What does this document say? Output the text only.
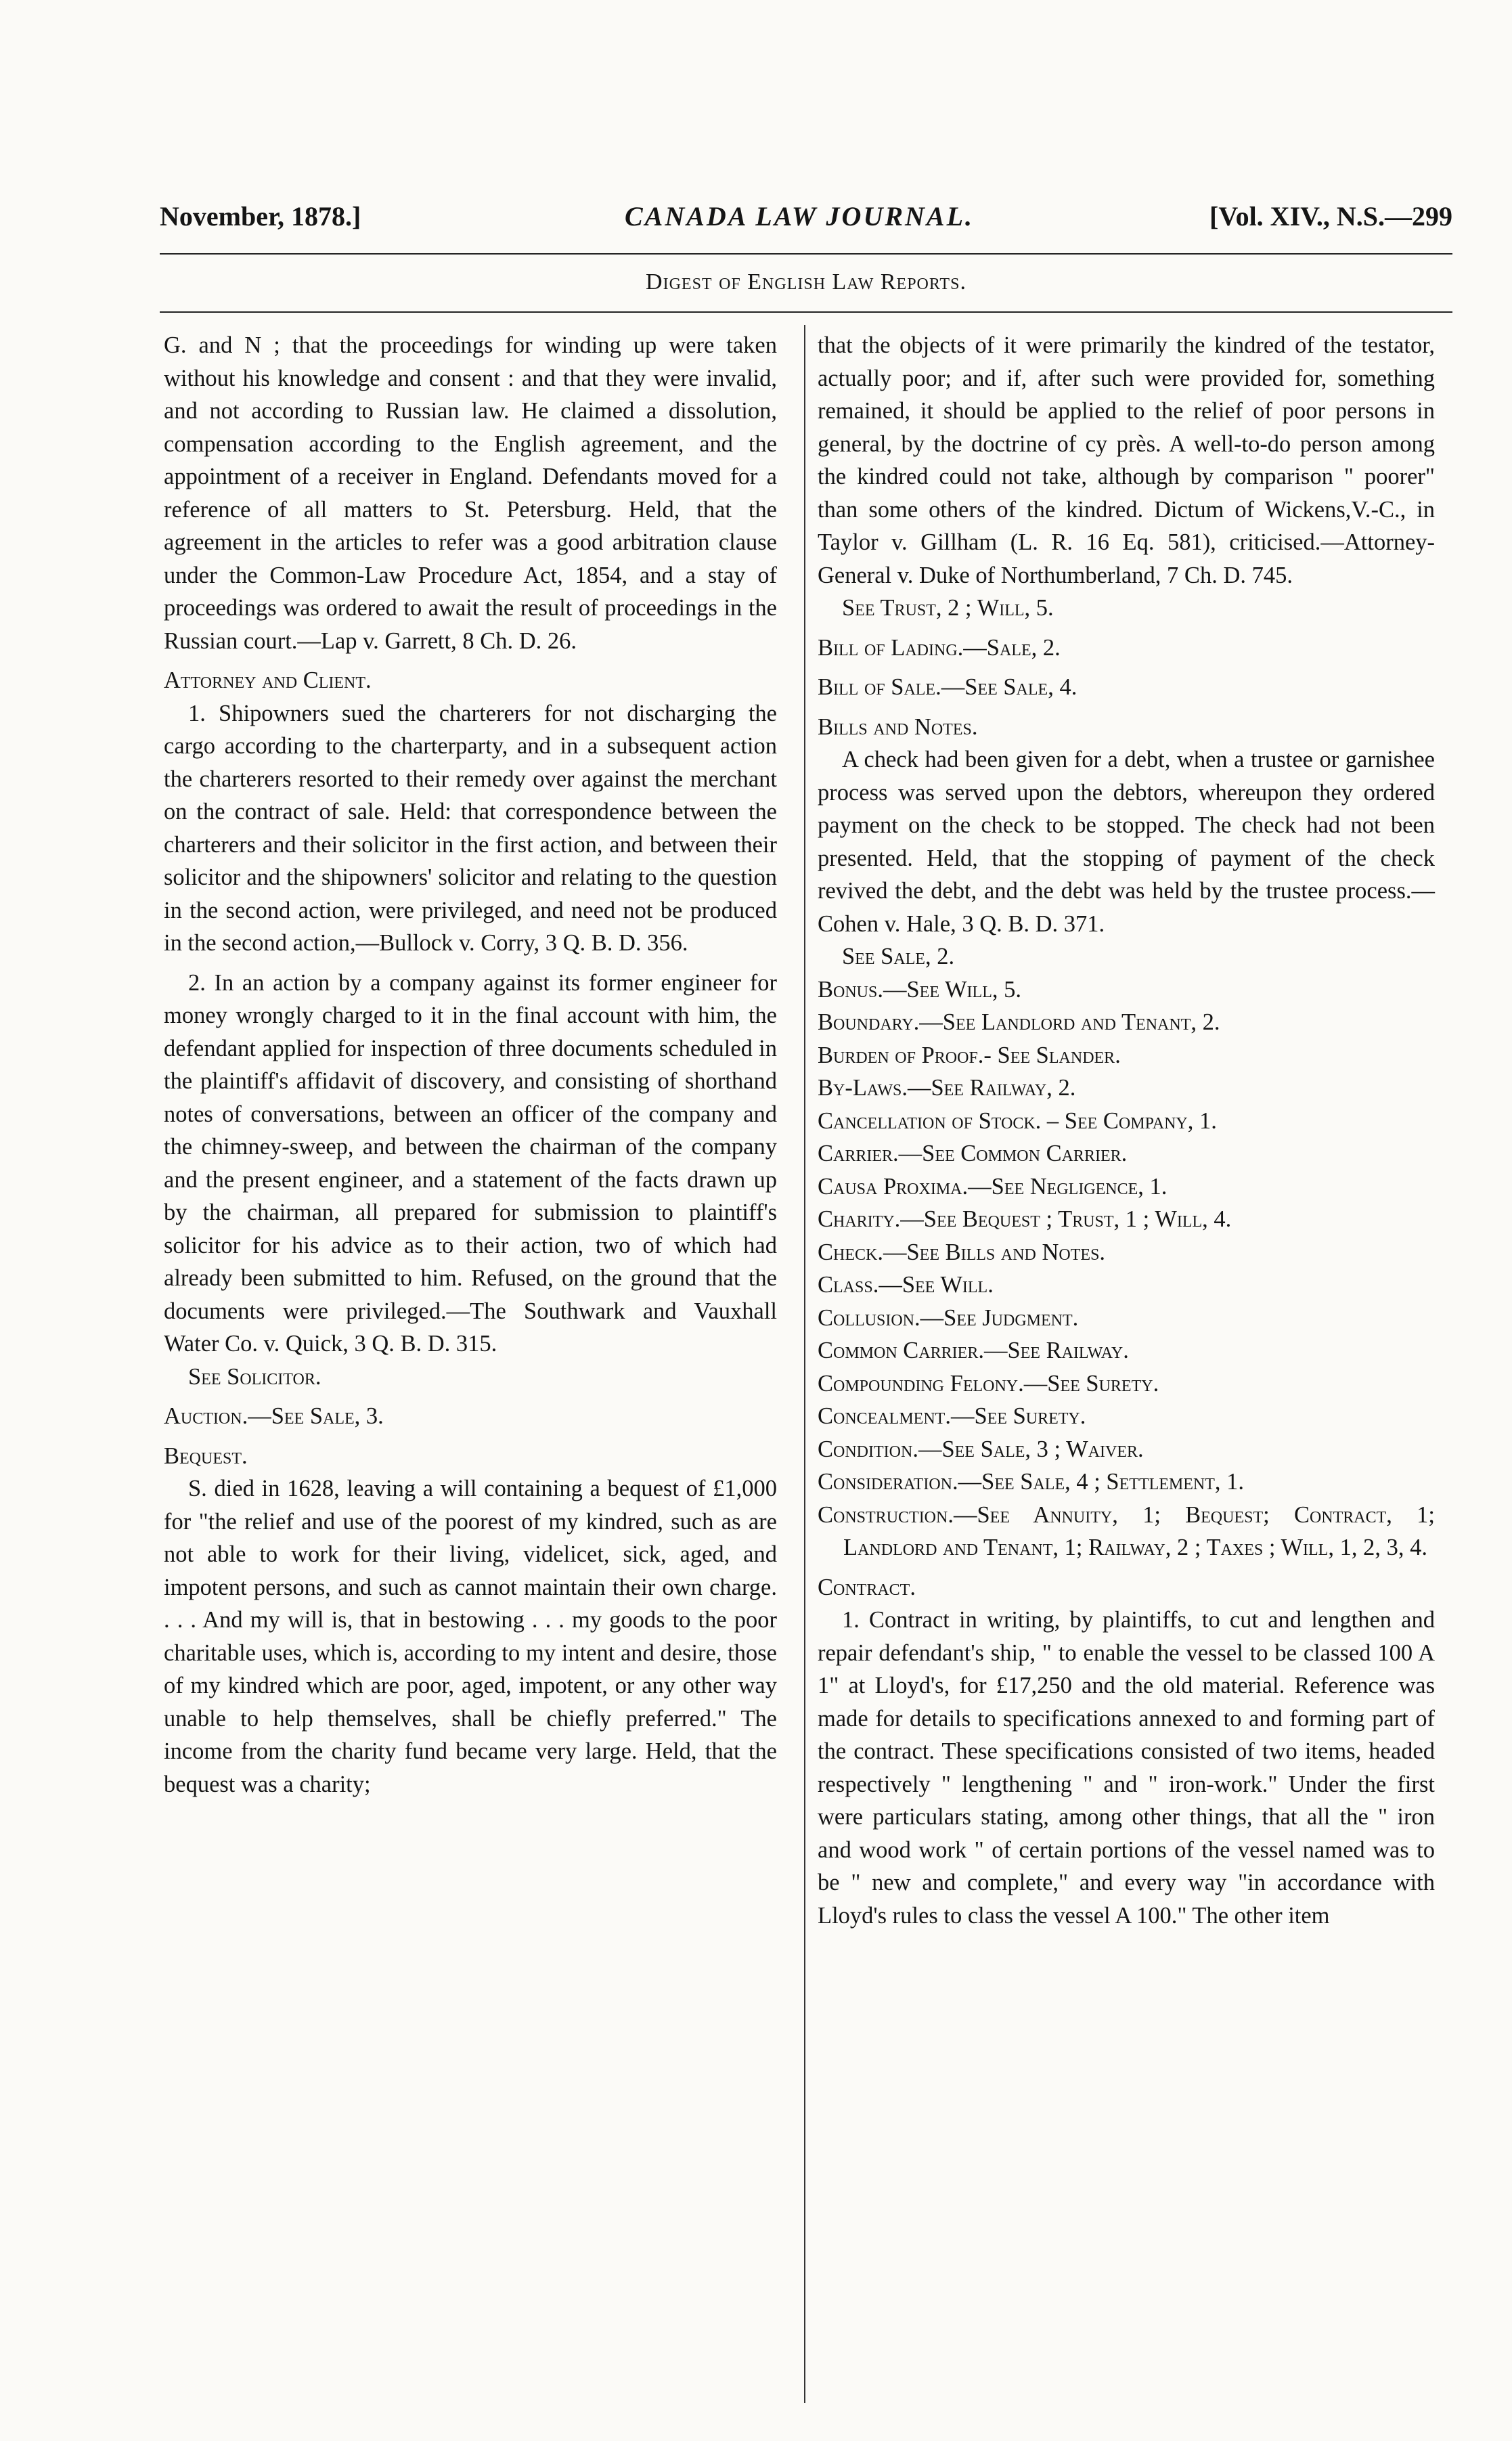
November, 1878.]	CANADA LAW JOURNAL.	[Vol. XIV., N.S.—299
Digest of English Law Reports.

G. and N ; that the proceedings for winding up were taken without his knowledge and consent : and that they were invalid, and not according to Russian law. He claimed a dissolution, compensation according to the English agreement, and the appointment of a receiver in England. Defendants moved for a reference of all matters to St. Petersburg. Held, that the agreement in the articles to refer was a good arbitration clause under the Common-Law Procedure Act, 1854, and a stay of proceedings was ordered to await the result of proceedings in the Russian court.—Lap v. Garrett, 8 Ch. D. 26.

Attorney and Client.

1. Shipowners sued the charterers for not discharging the cargo according to the charterparty, and in a subsequent action the charterers resorted to their remedy over against the merchant on the contract of sale. Held: that correspondence between the charterers and their solicitor in the first action, and between their solicitor and the shipowners' solicitor and relating to the question in the second action, were privileged, and need not be produced in the second action,—Bullock v. Corry, 3 Q. B. D. 356.

2. In an action by a company against its former engineer for money wrongly charged to it in the final account with him, the defendant applied for inspection of three documents scheduled in the plaintiff's affidavit of discovery, and consisting of shorthand notes of conversations, between an officer of the company and the chimney-sweep, and between the chairman of the company and the present engineer, and a statement of the facts drawn up by the chairman, all prepared for submission to plaintiff's solicitor for his advice as to their action, two of which had already been submitted to him. Refused, on the ground that the documents were privileged.—The Southwark and Vauxhall Water Co. v. Quick, 3 Q. B. D. 315.

See Solicitor.

Auction.—See Sale, 3.

Bequest.

S. died in 1628, leaving a will containing a bequest of £1,000 for "the relief and use of the poorest of my kindred, such as are not able to work for their living, videlicet, sick, aged, and impotent persons, and such as cannot maintain their own charge. . . . And my will is, that in bestowing . . . my goods to the poor charitable uses, which is, according to my intent and desire, those of my kindred which are poor, aged, impotent, or any other way unable to help themselves, shall be chiefly preferred." The income from the charity fund became very large. Held, that the bequest was a charity;

that the objects of it were primarily the kindred of the testator, actually poor; and if, after such were provided for, something remained, it should be applied to the relief of poor persons in general, by the doctrine of cy près. A well-to-do person among the kindred could not take, although by comparison " poorer" than some others of the kindred. Dictum of Wickens,V.-C., in Taylor v. Gillham (L. R. 16 Eq. 581), criticised.—Attorney-General v. Duke of Northumberland, 7 Ch. D. 745.

See Trust, 2 ; Will, 5.

Bill of Lading.—Sale, 2.

Bill of Sale.—See Sale, 4.

Bills and Notes.

A check had been given for a debt, when a trustee or garnishee process was served upon the debtors, whereupon they ordered payment on the check to be stopped. The check had not been presented. Held, that the stopping of payment of the check revived the debt, and the debt was held by the trustee process.—Cohen v. Hale, 3 Q. B. D. 371.

See Sale, 2.

Bonus.—See Will, 5.

Boundary.—See Landlord and Tenant, 2.

Burden of Proof.- See Slander.

By-Laws.—See Railway, 2.

Cancellation of Stock. – See Company, 1.

Carrier.—See Common Carrier.

Causa Proxima.—See Negligence, 1.

Charity.—See Bequest ; Trust, 1 ; Will, 4.

Check.—See Bills and Notes.

Class.—See Will.

Collusion.—See Judgment.

Common Carrier.—See Railway.

Compounding Felony.—See Surety.

Concealment.—See Surety.

Condition.—See Sale, 3 ; Waiver.

Consideration.—See Sale, 4 ; Settlement, 1.

Construction.—See Annuity, 1; Bequest; Contract, 1; Landlord and Tenant, 1; Railway, 2 ; Taxes ; Will, 1, 2, 3, 4.

Contract.

1. Contract in writing, by plaintiffs, to cut and lengthen and repair defendant's ship, " to enable the vessel to be classed 100 A 1" at Lloyd's, for £17,250 and the old material. Reference was made for details to specifications annexed to and forming part of the contract. These specifications consisted of two items, headed respectively " lengthening " and " iron-work." Under the first were particulars stating, among other things, that all the " iron and wood work " of certain portions of the vessel named was to be " new and complete," and every way "in accordance with Lloyd's rules to class the vessel A 100." The other item
